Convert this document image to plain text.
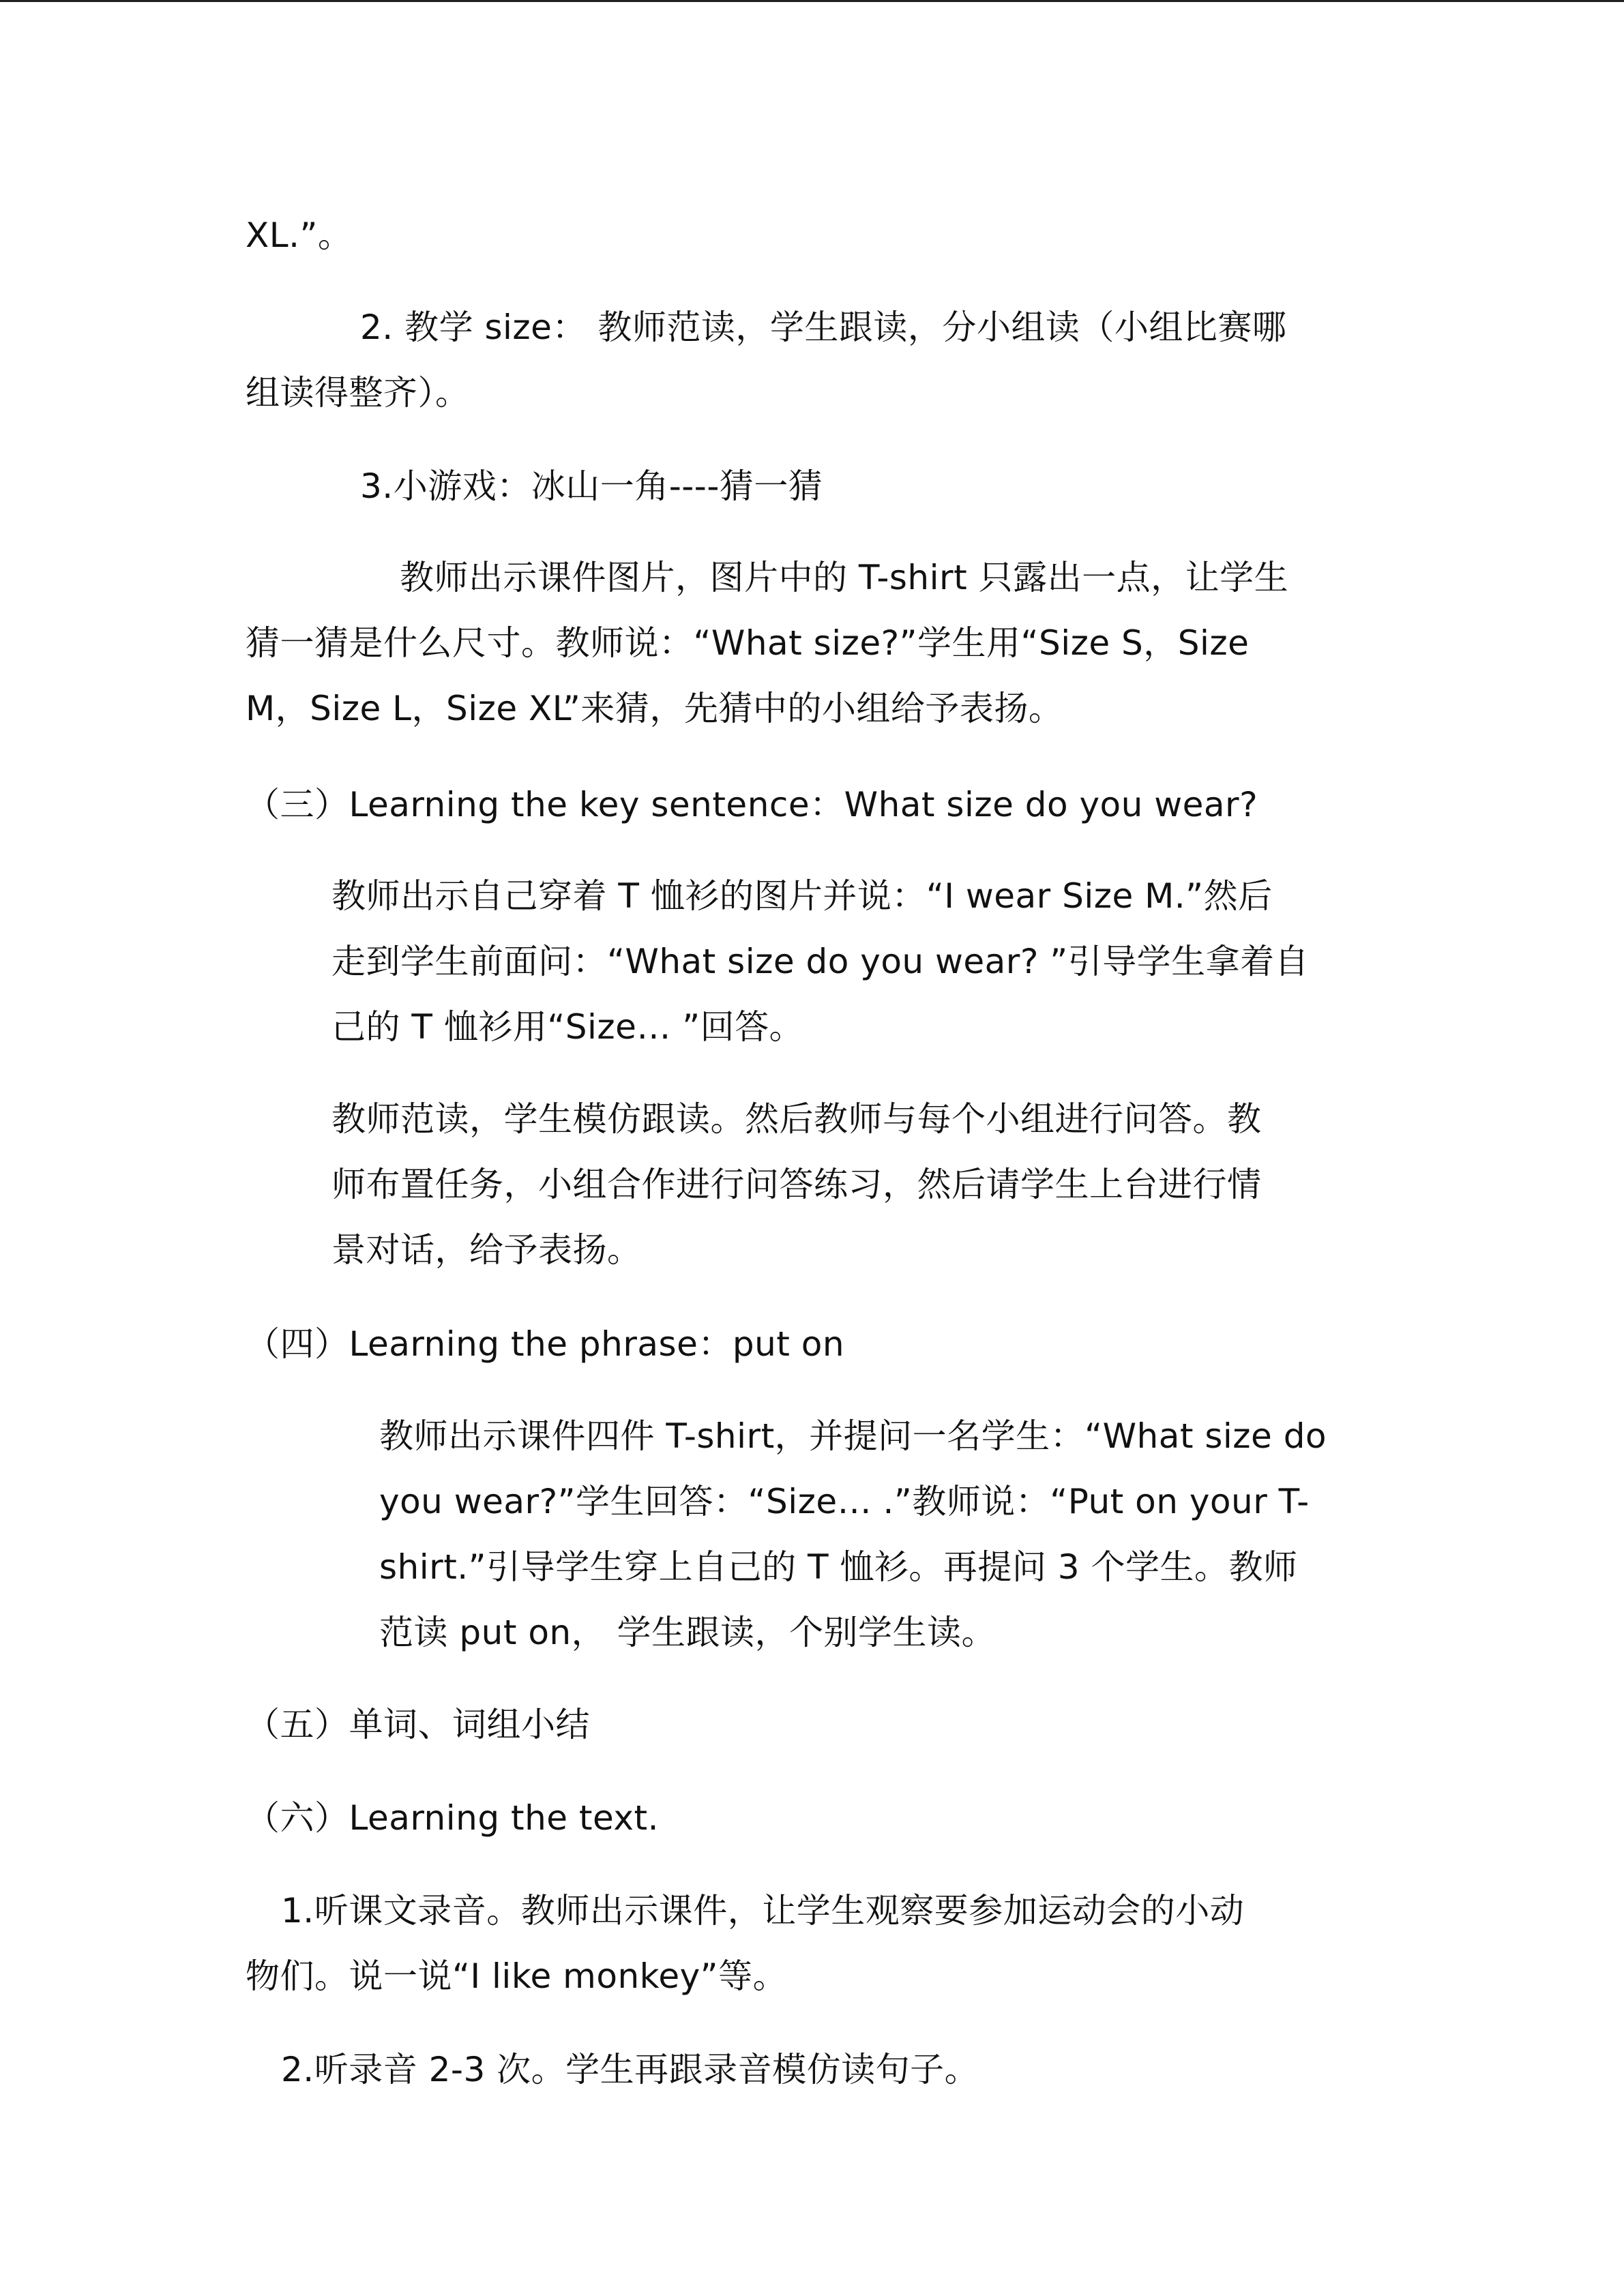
XL.”。
2. 教学 size： 教师范读，学生跟读，分小组读（小组比赛哪
组读得整齐）。
3.小游戏：冰山一角----猜一猜
教师出示课件图片，图片中的 T-shirt 只露出一点，让学生
猜一猜是什么尺寸。教师说：“What size?”学生用“Size S，Size
M，Size L，Size XL”来猜，先猜中的小组给予表扬。
（三）Learning the key sentence：What size do you wear?
教师出示自己穿着 T 恤衫的图片并说：“I wear Size M.”然后
走到学生前面问：“What size do you wear? ”引导学生拿着自
己的 T 恤衫用“Size… ”回答。
教师范读，学生模仿跟读。然后教师与每个小组进行问答。教
师布置任务，小组合作进行问答练习，然后请学生上台进行情
景对话，给予表扬。
（四）Learning the phrase：put on
教师出示课件四件 T-shirt，并提问一名学生：“What size do
you wear?”学生回答：“Size… .”教师说：“Put on your T-
shirt.”引导学生穿上自己的 T 恤衫。再提问 3 个学生。教师
范读 put on， 学生跟读，个别学生读。
（五）单词、词组小结
（六）Learning the text.
1.听课文录音。教师出示课件，让学生观察要参加运动会的小动
物们。说一说“I like monkey”等。
2.听录音 2-3 次。学生再跟录音模仿读句子。
